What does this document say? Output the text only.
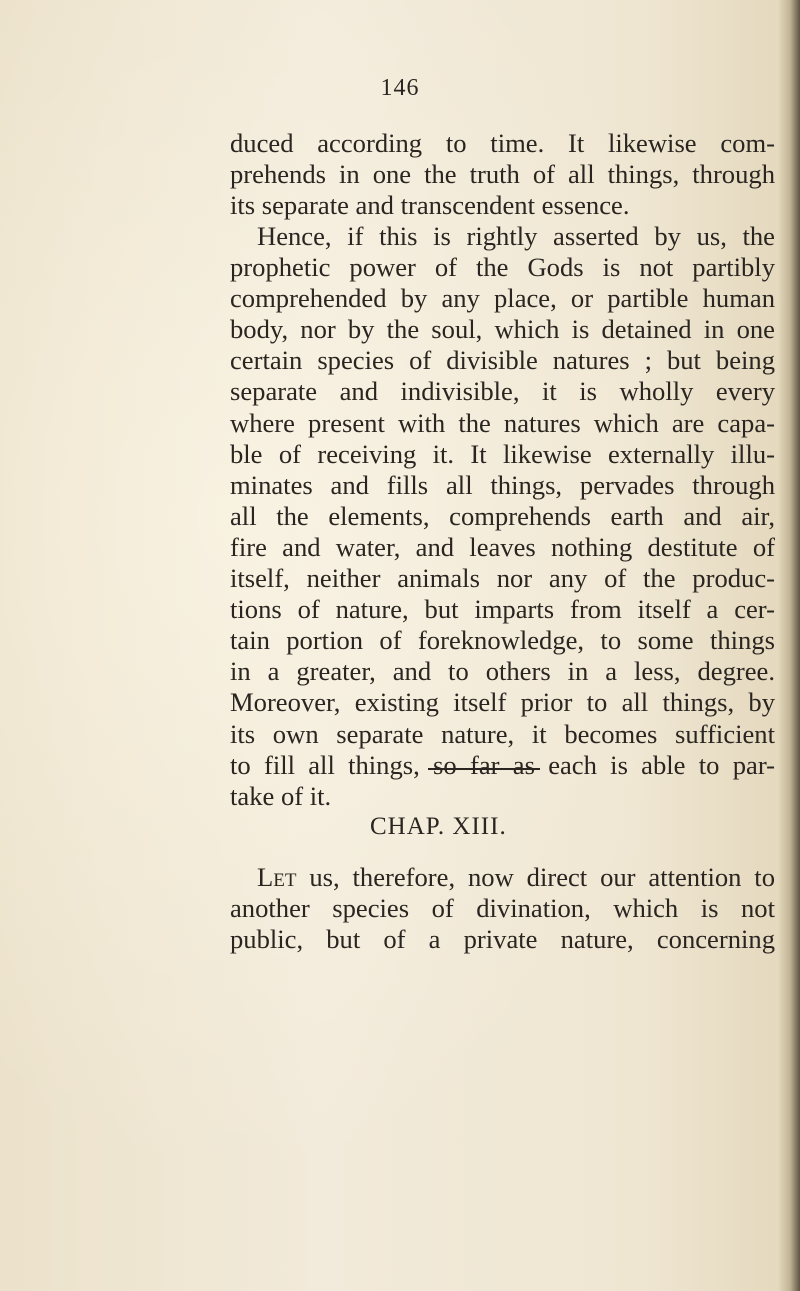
146
duced according to time. It likewise com-
prehends in one the truth of all things, through
its separate and transcendent essence.
Hence, if this is rightly asserted by us, the
prophetic power of the Gods is not partibly
comprehended by any place, or partible human
body, nor by the soul, which is detained in one
certain species of divisible natures ; but being
separate and indivisible, it is wholly every
where present with the natures which are capa-
ble of receiving it. It likewise externally illu-
minates and fills all things, pervades through
all the elements, comprehends earth and air,
fire and water, and leaves nothing destitute of
itself, neither animals nor any of the produc-
tions of nature, but imparts from itself a cer-
tain portion of foreknowledge, to some things
in a greater, and to others in a less, degree.
Moreover, existing itself prior to all things, by
its own separate nature, it becomes sufficient
to fill all things, so far as each is able to par-
take of it.
CHAP. XIII.
Let us, therefore, now direct our attention to
another species of divination, which is not
public, but of a private nature, concerning
